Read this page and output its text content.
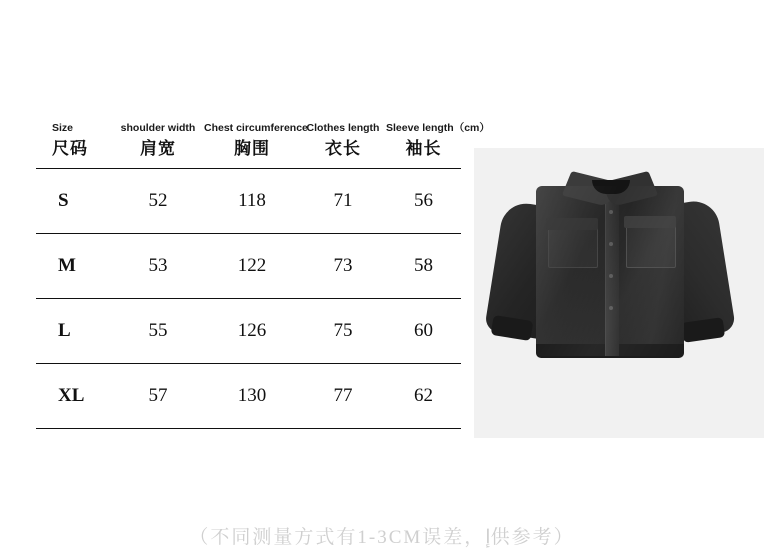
Size	shoulder width	Chest circumference	Clothes length	Sleeve length（cm）
尺码	肩宽	胸围	衣长	袖长
S	52	118	71	56
M	53	122	73	58
L	55	126	75	60
XL	57	130	77	62
（不同测量方式有1-3CM误差，إ供参考）
